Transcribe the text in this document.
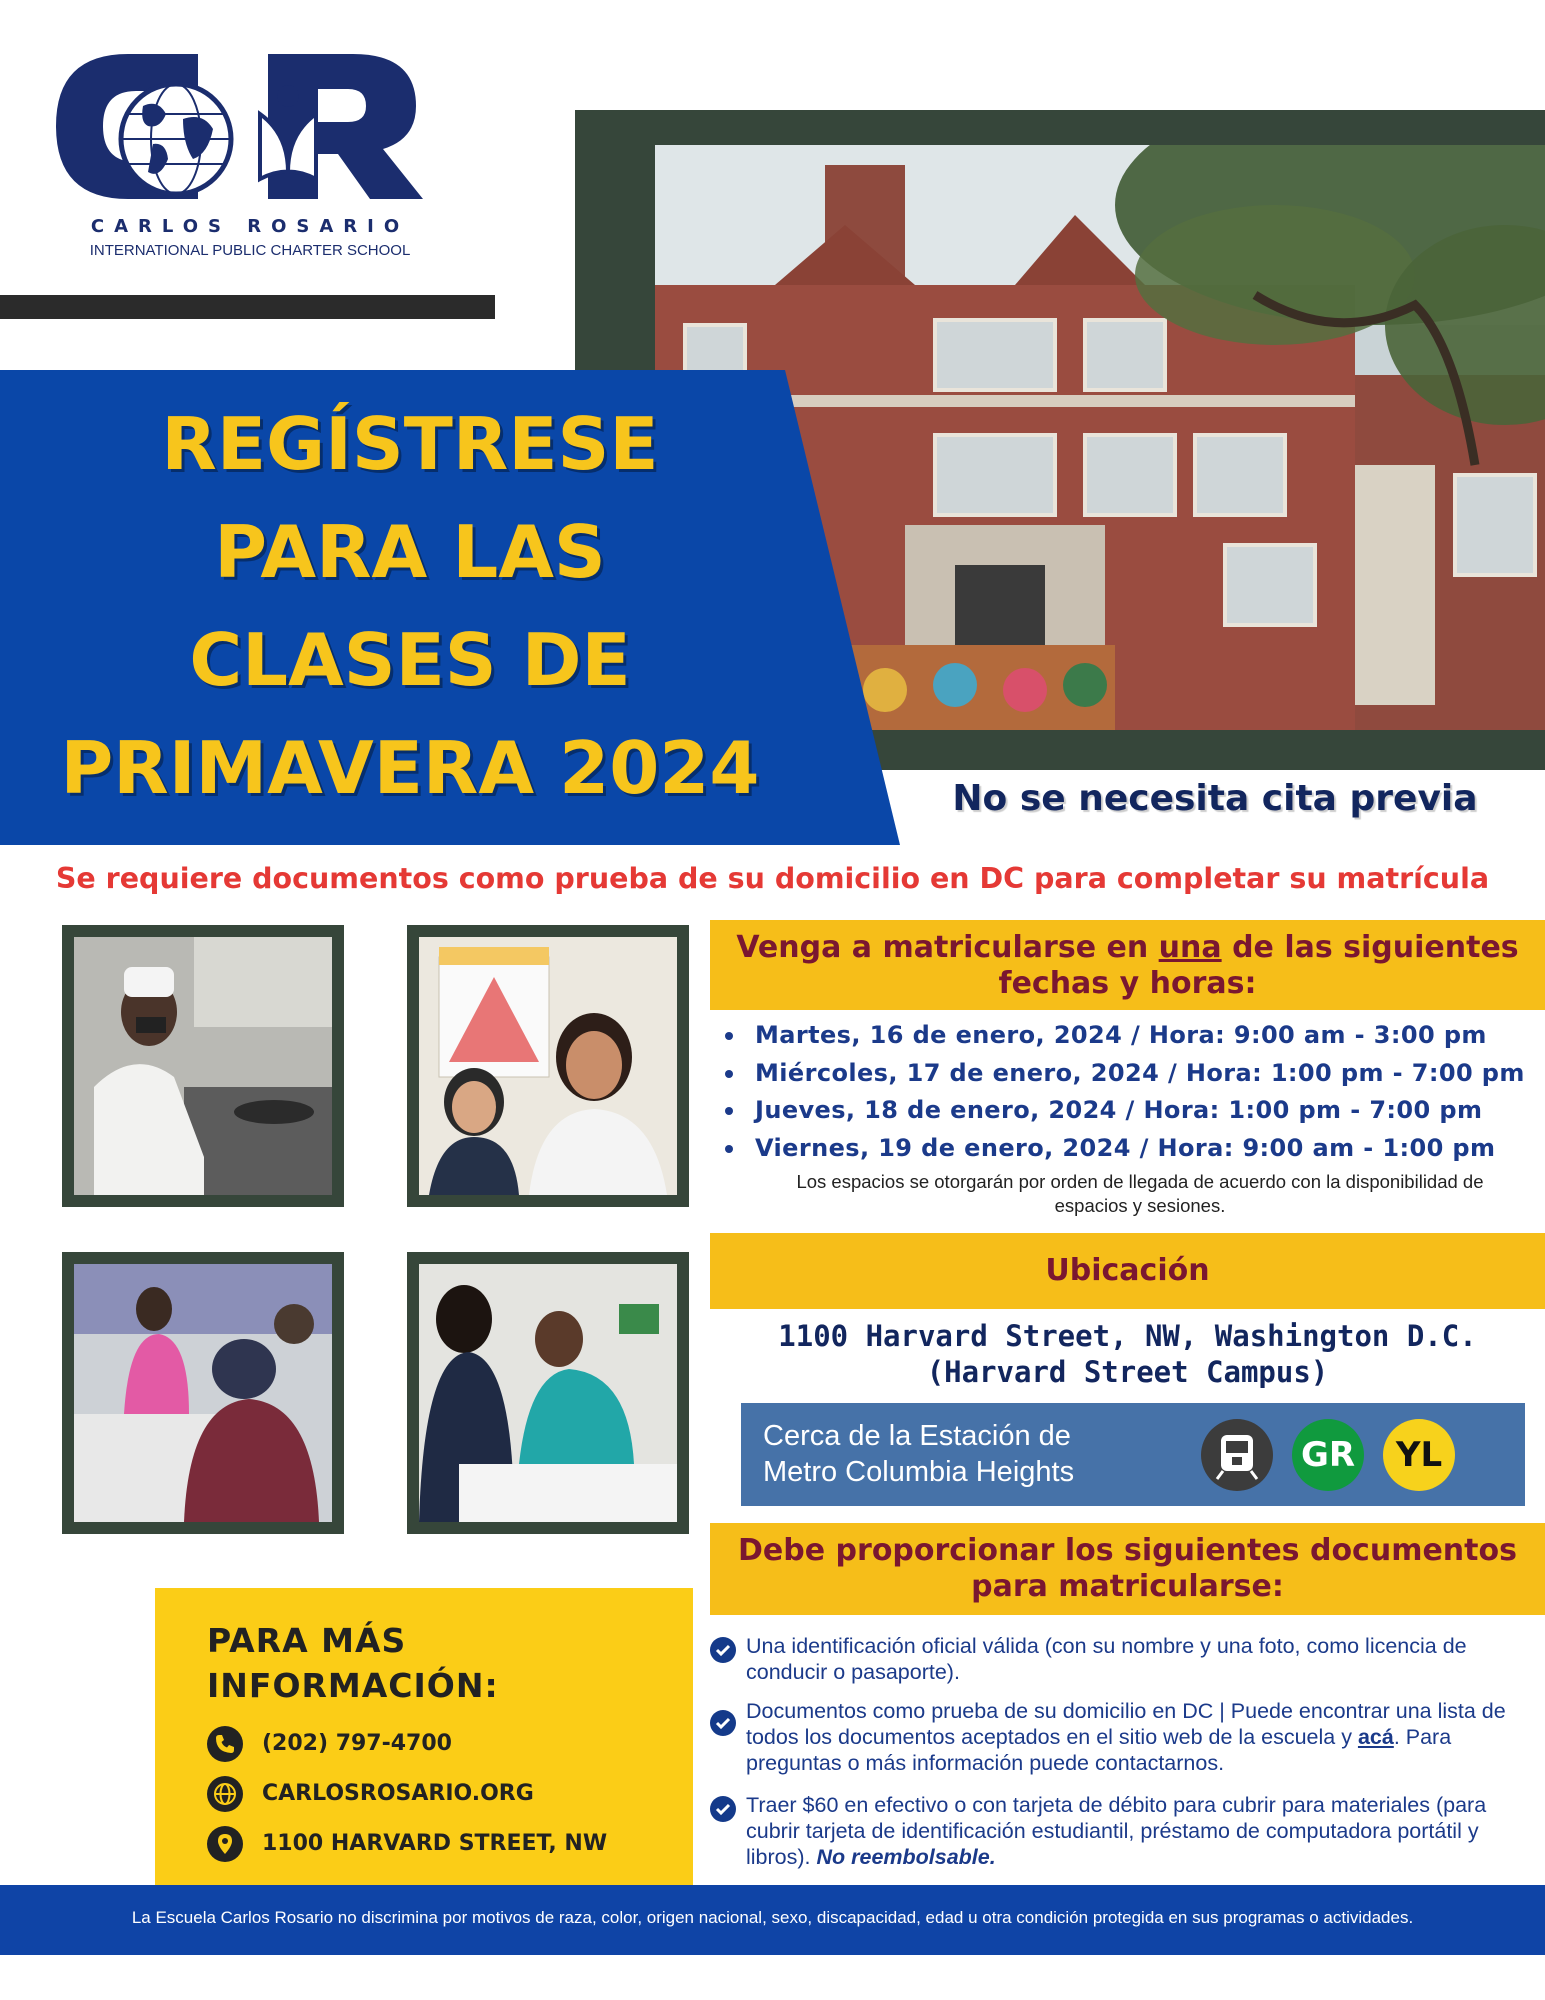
CARLOS ROSARIO
INTERNATIONAL PUBLIC CHARTER SCHOOL
REGÍSTRESE
PARA LAS
CLASES DE
PRIMAVERA 2024	No se necesita cita previa
Se requiere documentos como prueba de su domicilio en DC para completar su matrícula
Venga a matricularse en una de las siguientes fechas y horas:
Martes, 16 de enero, 2024 / Hora: 9:00 am - 3:00 pm
Miércoles, 17 de enero, 2024 / Hora: 1:00 pm - 7:00 pm
Jueves, 18 de enero, 2024 / Hora: 1:00 pm - 7:00 pm
Viernes, 19 de enero, 2024 / Hora: 9:00 am - 1:00 pm
Los espacios se otorgarán por orden de llegada de acuerdo con la disponibilidad de espacios y sesiones.
Ubicación
1100 Harvard Street, NW, Washington D.C.
(Harvard Street Campus)
Cerca de la Estación de
Metro Columbia Heights	GR	YL
Debe proporcionar los siguientes documentos para matricularse:
Una identificación oficial válida (con su nombre y una foto, como licencia de conducir o pasaporte).
Documentos como prueba de su domicilio en DC | Puede encontrar una lista de todos los documentos aceptados en el sitio web de la escuela y acá. Para preguntas o más información puede contactarnos.
Traer $60 en efectivo o con tarjeta de débito para cubrir para materiales (para cubrir tarjeta de identificación estudiantil, préstamo de computadora portátil y libros). No reembolsable.
PARA MÁS
INFORMACIÓN:
(202) 797-4700
CARLOSROSARIO.ORG
1100 HARVARD STREET, NW
La Escuela Carlos Rosario no discrimina por motivos de raza, color, origen nacional, sexo, discapacidad, edad u otra condición protegida en sus programas o actividades.
